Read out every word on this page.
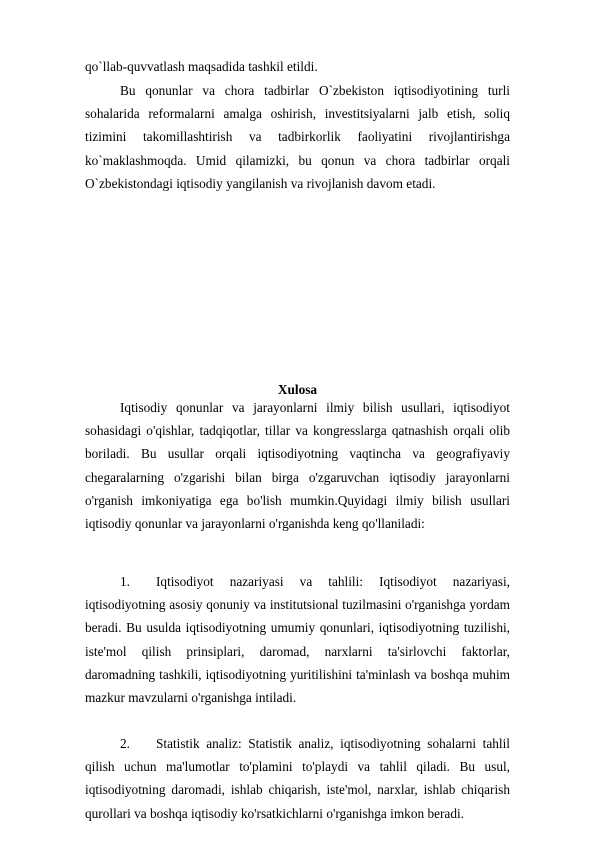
qo`llab-quvvatlash maqsadida tashkil etildi.

Bu qonunlar va chora tadbirlar O`zbekiston iqtisodiyotining turli sohalarida reformalarni amalga oshirish, investitsiyalarni jalb etish, soliq tizimini takomillashtirish va tadbirkorlik faoliyatini rivojlantirishga ko`maklashmoqda. Umid qilamizki, bu qonun va chora tadbirlar orqali O`zbekistondagi iqtisodiy yangilanish va rivojlanish davom etadi.

Xulosa

Iqtisodiy qonunlar va jarayonlarni ilmiy bilish usullari, iqtisodiyot sohasidagi o'qishlar, tadqiqotlar, tillar va kongresslarga qatnashish orqali olib boriladi. Bu usullar orqali iqtisodiyotning vaqtincha va geografiyaviy chegaralarning o'zgarishi bilan birga o'zgaruvchan iqtisodiy jarayonlarni o'rganish imkoniyatiga ega bo'lish mumkin.Quyidagi ilmiy bilish usullari iqtisodiy qonunlar va jarayonlarni o'rganishda keng qo'llaniladi:

1. Iqtisodiyot nazariyasi va tahlili: Iqtisodiyot nazariyasi, iqtisodiyotning asosiy qonuniy va institutsional tuzilmasini o'rganishga yordam beradi. Bu usulda iqtisodiyotning umumiy qonunlari, iqtisodiyotning tuzilishi, iste'mol qilish prinsiplari, daromad, narxlarni ta'sirlovchi faktorlar, daromadning tashkili, iqtisodiyotning yuritilishini ta'minlash va boshqa muhim mazkur mavzularni o'rganishga intiladi.

2. Statistik analiz: Statistik analiz, iqtisodiyotning sohalarni tahlil qilish uchun ma'lumotlar to'plamini to'playdi va tahlil qiladi. Bu usul, iqtisodiyotning daromadi, ishlab chiqarish, iste'mol, narxlar, ishlab chiqarish qurollari va boshqa iqtisodiy ko'rsatkichlarni o'rganishga imkon beradi.
